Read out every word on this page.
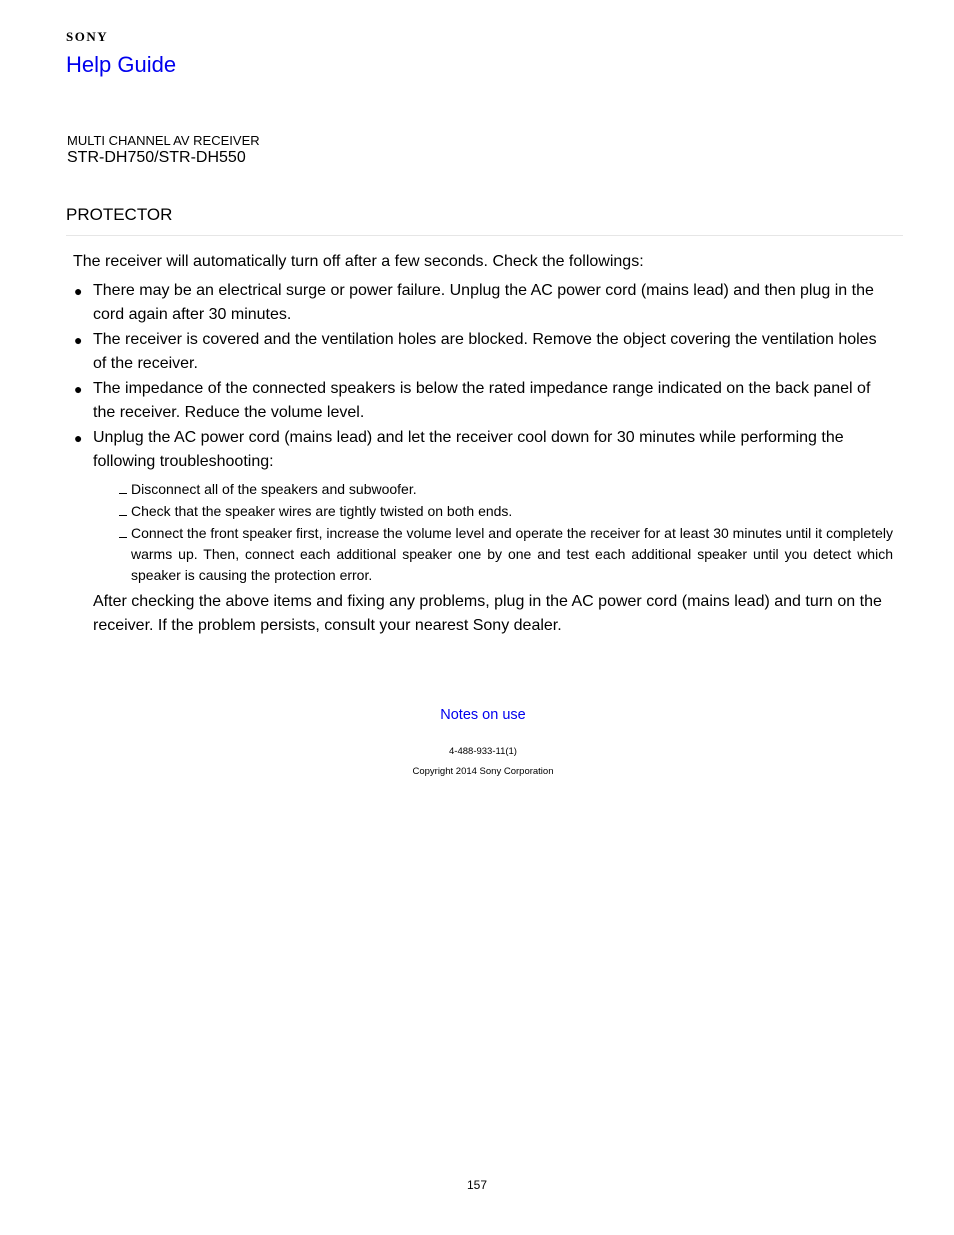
SONY
Help Guide
MULTI CHANNEL AV RECEIVER
STR-DH750/STR-DH550
PROTECTOR

The receiver will automatically turn off after a few seconds. Check the followings:

● There may be an electrical surge or power failure. Unplug the AC power cord (mains lead) and then plug in the cord again after 30 minutes.
● The receiver is covered and the ventilation holes are blocked. Remove the object covering the ventilation holes of the receiver.
● The impedance of the connected speakers is below the rated impedance range indicated on the back panel of the receiver. Reduce the volume level.
● Unplug the AC power cord (mains lead) and let the receiver cool down for 30 minutes while performing the following troubleshooting:
Disconnect all of the speakers and subwoofer.
Check that the speaker wires are tightly twisted on both ends.
Connect the front speaker first, increase the volume level and operate the receiver for at least 30 minutes until it completely warms up. Then, connect each additional speaker one by one and test each additional speaker until you detect which speaker is causing the protection error.

After checking the above items and fixing any problems, plug in the AC power cord (mains lead) and turn on the receiver. If the problem persists, consult your nearest Sony dealer.

Notes on use
4-488-933-11(1)
Copyright 2014 Sony Corporation
157
